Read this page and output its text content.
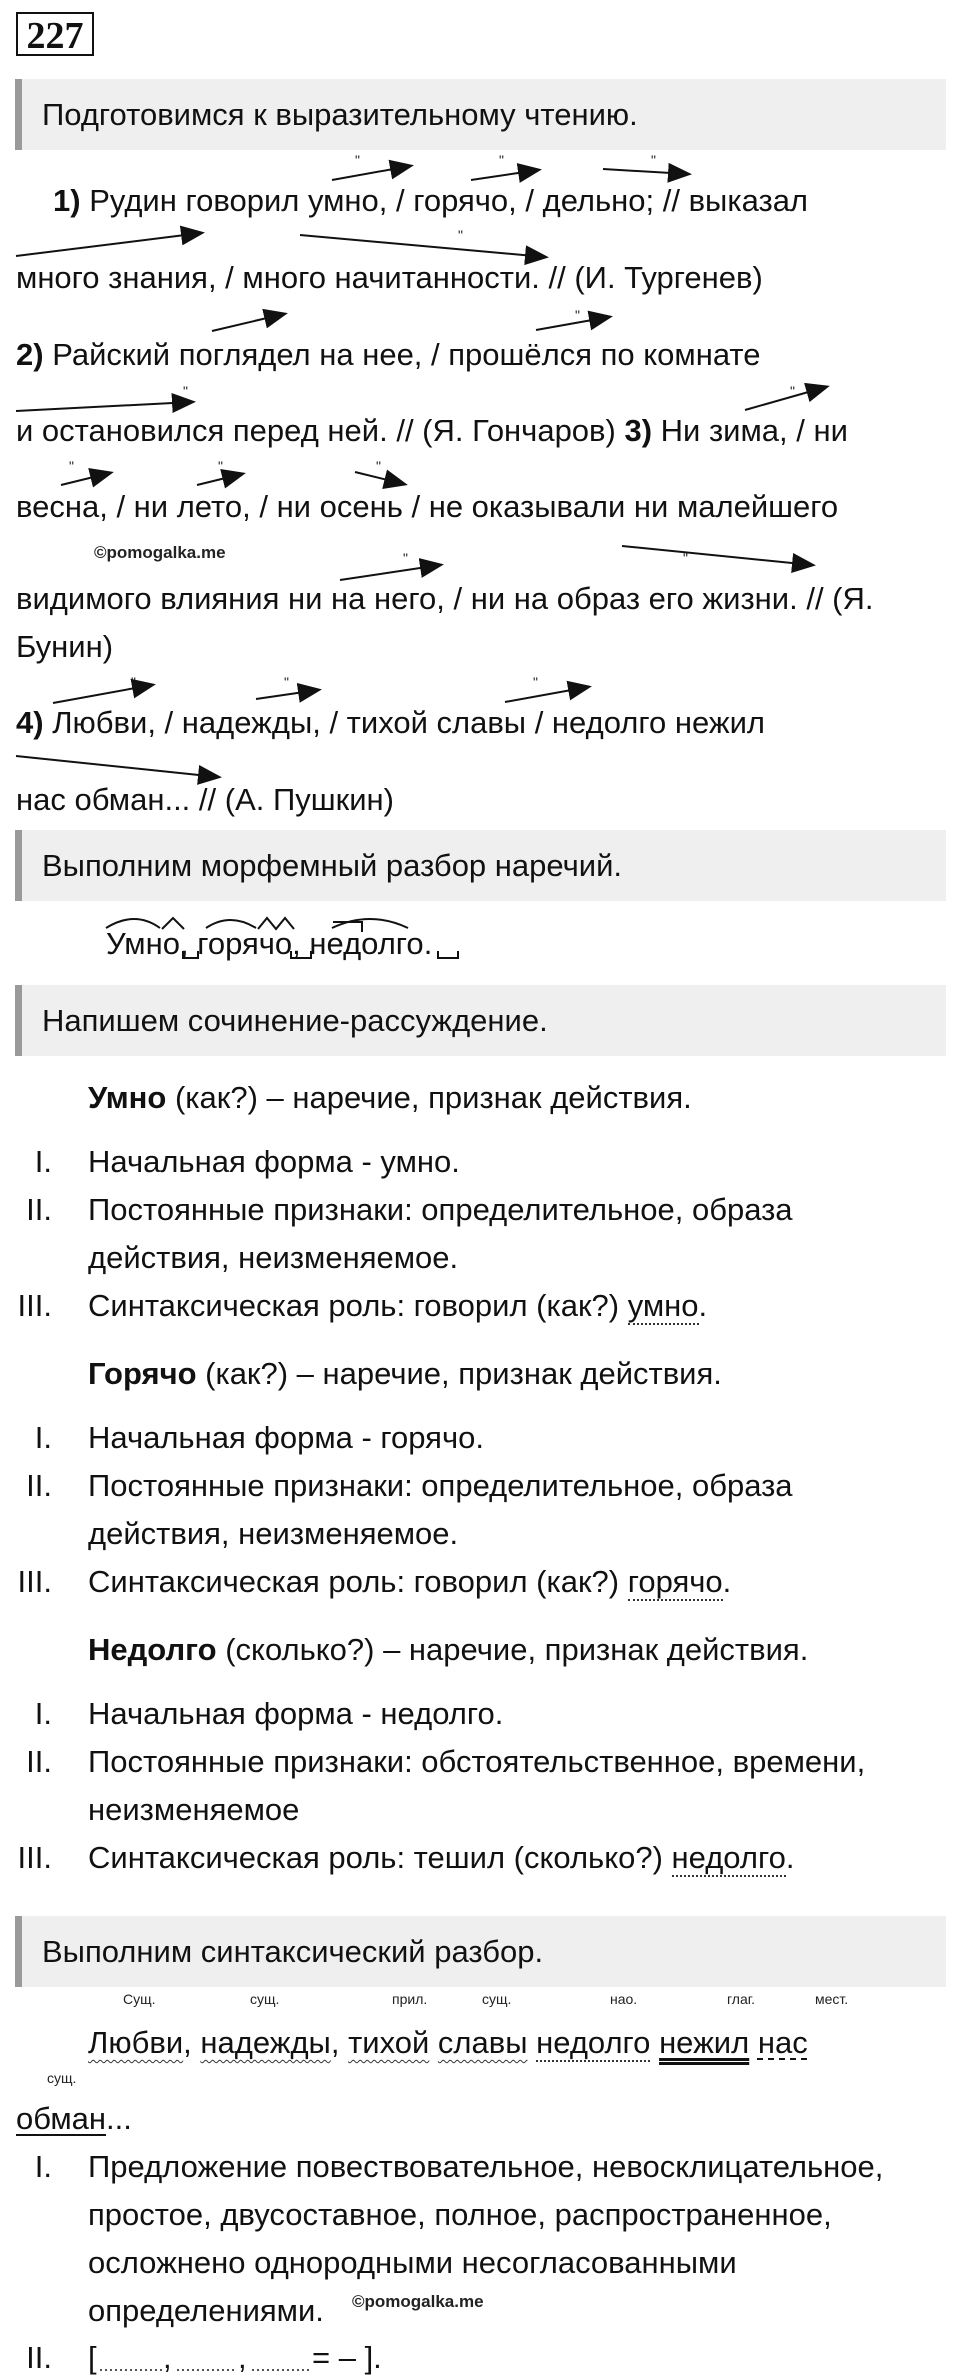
227
Подготовимся к выразительному чтению.
1) Рудин говорил умно, / горячо, / дельно; // выказал
много знания, / много начитанности. // (И. Тургенев)
2) Райский поглядел на нее, / прошёлся по комнате
и остановился перед ней. // (Я. Гончаров) 3) Ни зима, / ни
весна, / ни лето, / ни осень / не оказывали ни малейшего
видимого влияния ни на него, / ни на образ его жизни. // (Я.
Бунин)
4) Любви, / надежды, / тихой славы / недолго нежил
нас обман... // (А. Пушкин)
©pomogalka.me
"	"	"
"	"
"	"
"	"
"	"	"
"	"
"	"	"
Выполним морфемный разбор наречий.
Умно, горячо, недолго.
Напишем сочинение-рассуждение.
Умно (как?) – наречие, признак действия.
I. Начальная форма - умно.
II. Постоянные признаки: определительное, образа
действия, неизменяемое.
III. Синтаксическая роль: говорил (как?) умно.
Горячо (как?) – наречие, признак действия.
I. Начальная форма - горячо.
II. Постоянные признаки: определительное, образа
действия, неизменяемое.
III. Синтаксическая роль: говорил (как?) горячо.
Недолго (сколько?) – наречие, признак действия.
I. Начальная форма - недолго.
II. Постоянные признаки: обстоятельственное, времени,
неизменяемое
III. Синтаксическая роль: тешил (сколько?) недолго.
Выполним синтаксический разбор.
Сущ.	сущ.	прил.	сущ.	нао.	глаг.	мест.
сущ.
Любви, надежды, тихой славы недолго нежил нас
обман...
I. Предложение повествовательное, невосклицательное,
простое, двусоставное, полное, распространенное,
осложнено однородными несогласованными
определениями. ©pomogalka.me
II. [ , , = – ].
